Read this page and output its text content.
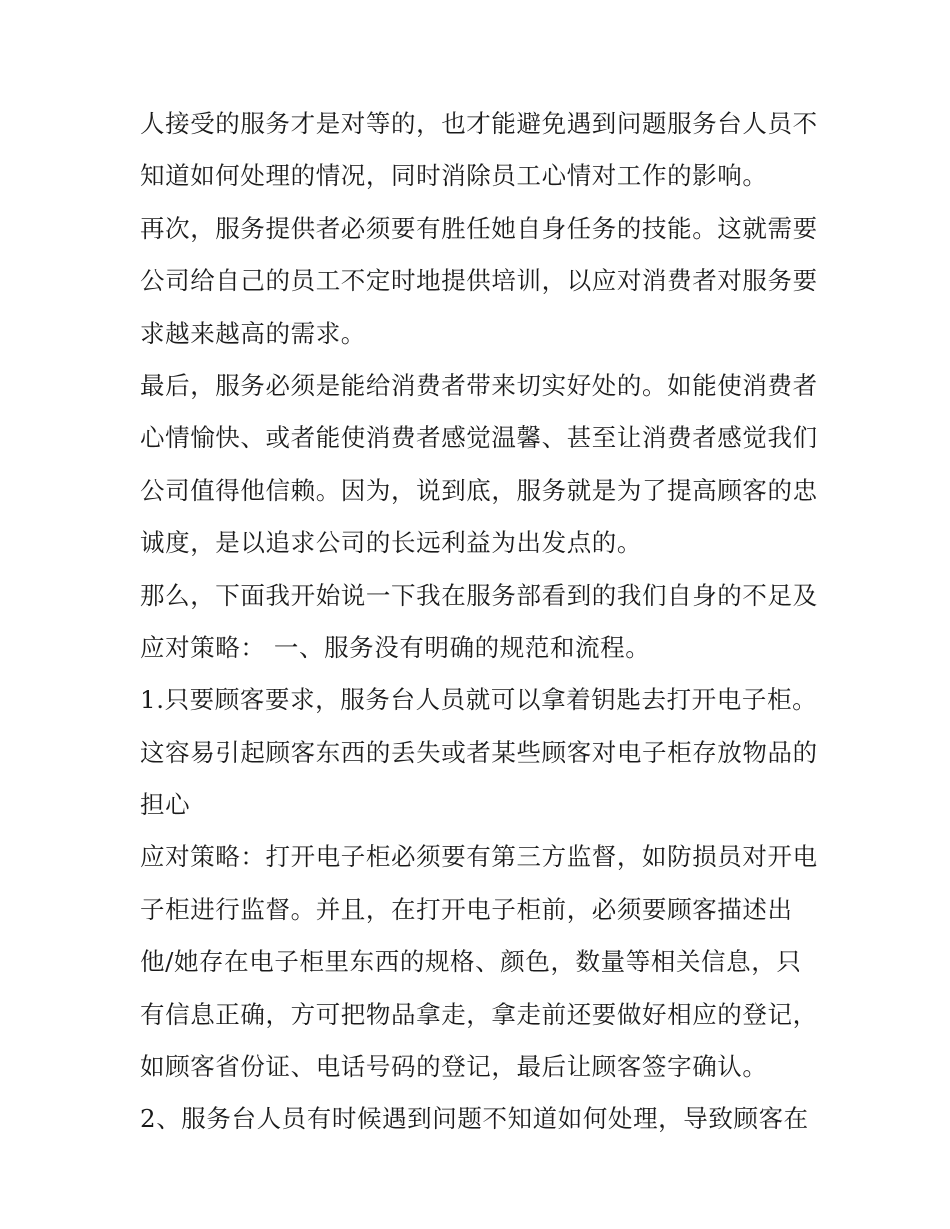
人接受的服务才是对等的，也才能避免遇到问题服务台人员不
知道如何处理的情况，同时消除员工心情对工作的影响。
再次，服务提供者必须要有胜任她自身任务的技能。这就需要
公司给自己的员工不定时地提供培训，以应对消费者对服务要
求越来越高的需求。
最后，服务必须是能给消费者带来切实好处的。如能使消费者
心情愉快、或者能使消费者感觉温馨、甚至让消费者感觉我们
公司值得他信赖。因为，说到底，服务就是为了提高顾客的忠
诚度，是以追求公司的长远利益为出发点的。
那么，下面我开始说一下我在服务部看到的我们自身的不足及
应对策略： 一、服务没有明确的规范和流程。
1.只要顾客要求，服务台人员就可以拿着钥匙去打开电子柜。
这容易引起顾客东西的丢失或者某些顾客对电子柜存放物品的
担心
应对策略：打开电子柜必须要有第三方监督，如防损员对开电
子柜进行监督。并且，在打开电子柜前，必须要顾客描述出
他/她存在电子柜里东西的规格、颜色，数量等相关信息，只
有信息正确，方可把物品拿走，拿走前还要做好相应的登记，
如顾客省份证、电话号码的登记，最后让顾客签字确认。
2、服务台人员有时候遇到问题不知道如何处理，导致顾客在
